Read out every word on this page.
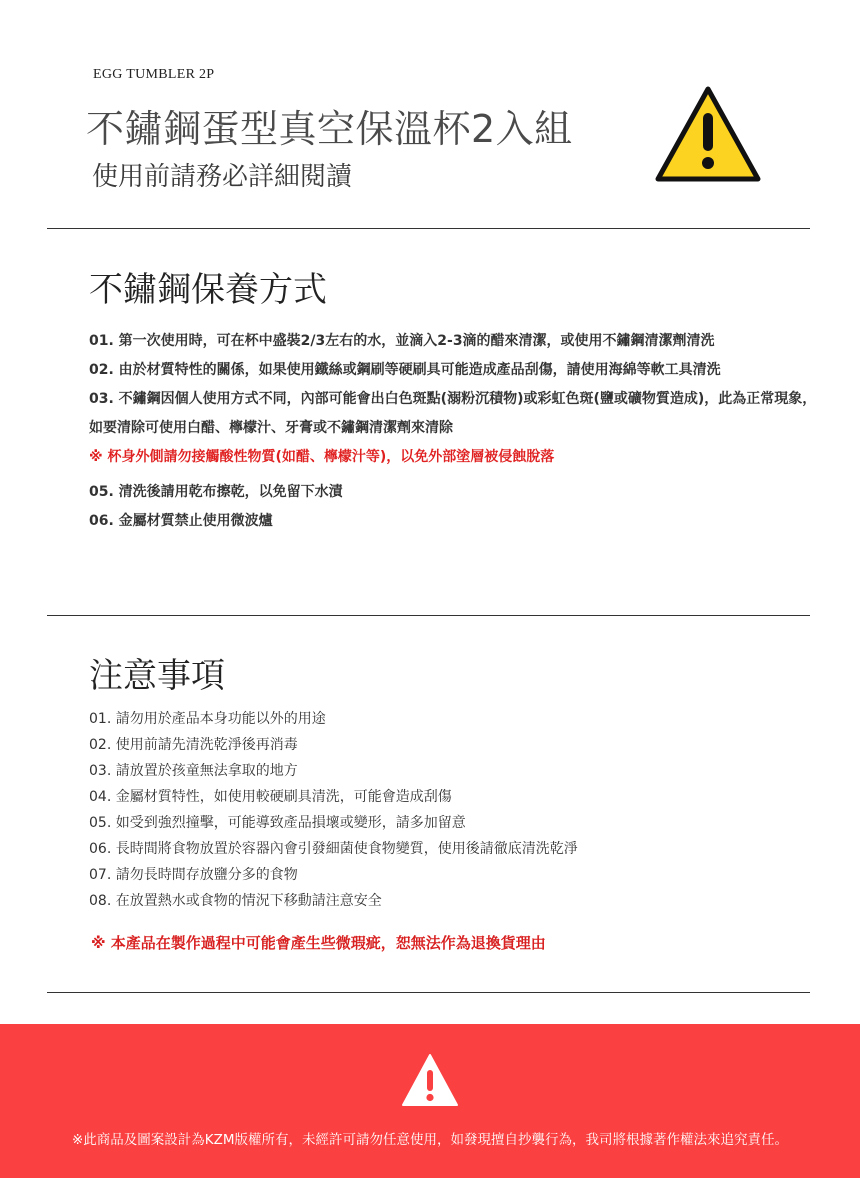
EGG TUMBLER 2P
不鏽鋼蛋型真空保溫杯2入組
使用前請務必詳細閱讀
不鏽鋼保養方式
01. 第一次使用時，可在杯中盛裝2/3左右的水，並滴入2-3滴的醋來清潔，或使用不鏽鋼清潔劑清洗
02. 由於材質特性的關係，如果使用鐵絲或鋼刷等硬刷具可能造成產品刮傷，請使用海綿等軟工具清洗
03. 不鏽鋼因個人使用方式不同，內部可能會出白色斑點(溺粉沉積物)或彩虹色斑(鹽或礦物質造成)，此為正常現象，
如要清除可使用白醋、檸檬汁、牙膏或不鏽鋼清潔劑來清除
※ 杯身外側請勿接觸酸性物質(如醋、檸檬汁等)，以免外部塗層被侵蝕脫落
05. 清洗後請用乾布擦乾，以免留下水漬
06. 金屬材質禁止使用微波爐
注意事項
01. 請勿用於產品本身功能以外的用途
02. 使用前請先清洗乾淨後再消毒
03. 請放置於孩童無法拿取的地方
04. 金屬材質特性，如使用較硬刷具清洗，可能會造成刮傷
05. 如受到強烈撞擊，可能導致產品損壞或變形，請多加留意
06. 長時間將食物放置於容器內會引發細菌使食物變質，使用後請徹底清洗乾淨
07. 請勿長時間存放鹽分多的食物
08. 在放置熱水或食物的情況下移動請注意安全
※ 本產品在製作過程中可能會產生些微瑕疵，恕無法作為退換貨理由
※此商品及圖案設計為KZM版權所有，未經許可請勿任意使用，如發現擅自抄襲行為，我司將根據著作權法來追究責任。
